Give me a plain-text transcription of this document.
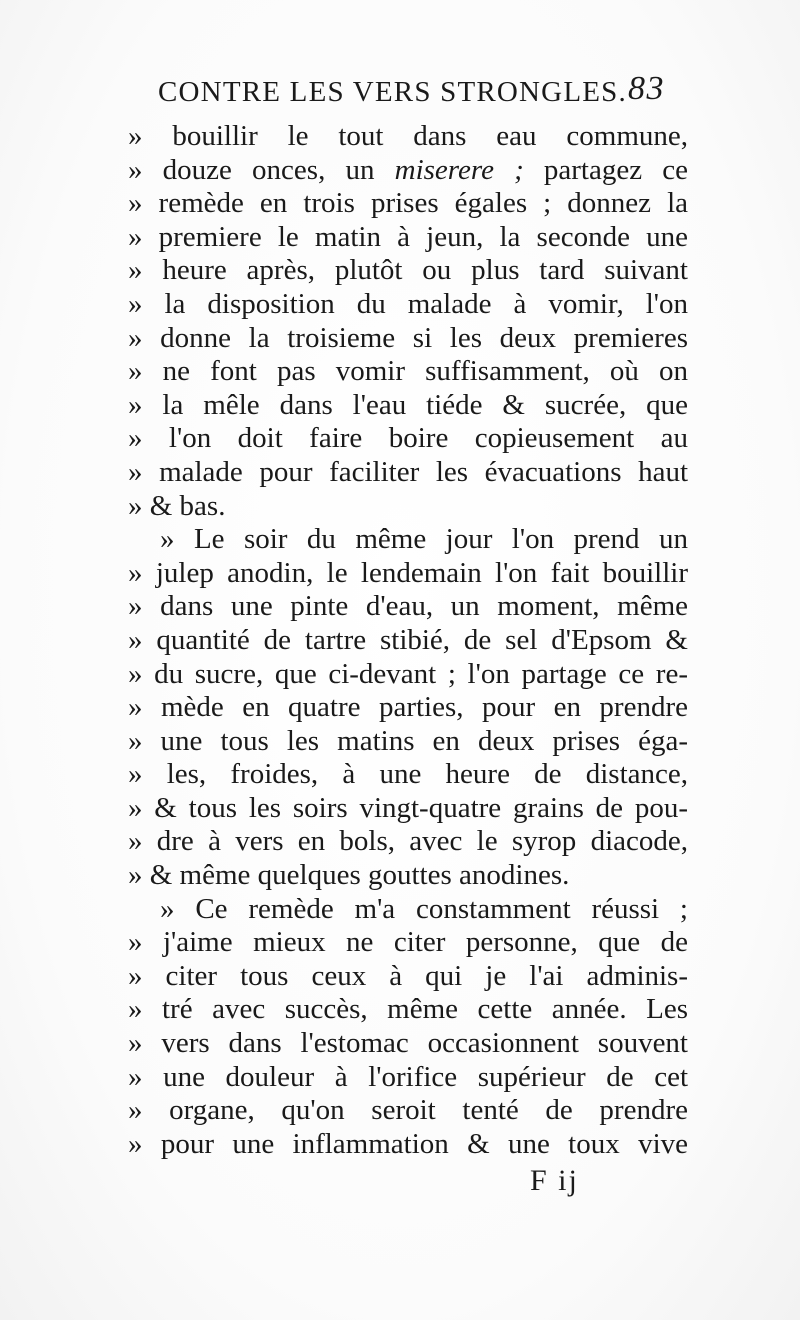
CONTRE LES VERS STRONGLES. 83
» bouillir le tout dans eau commune,
» douze onces, un miserere ; partagez ce
» remède en trois prises égales ; donnez la
» premiere le matin à jeun, la seconde une
» heure après, plutôt ou plus tard suivant
» la disposition du malade à vomir, l'on
» donne la troisieme si les deux premieres
» ne font pas vomir suffisamment, où on
» la mêle dans l'eau tiéde & sucrée, que
» l'on doit faire boire copieusement au
» malade pour faciliter les évacuations haut
» & bas.
» Le soir du même jour l'on prend un
» julep anodin, le lendemain l'on fait bouillir
» dans une pinte d'eau, un moment, même
» quantité de tartre stibié, de sel d'Epsom &
» du sucre, que ci-devant ; l'on partage ce re-
» mède en quatre parties, pour en prendre
» une tous les matins en deux prises éga-
» les, froides, à une heure de distance,
» & tous les soirs vingt-quatre grains de pou-
» dre à vers en bols, avec le syrop diacode,
» & même quelques gouttes anodines.
» Ce remède m'a constamment réussi ;
» j'aime mieux ne citer personne, que de
» citer tous ceux à qui je l'ai adminis-
» tré avec succès, même cette année. Les
» vers dans l'estomac occasionnent souvent
» une douleur à l'orifice supérieur de cet
» organe, qu'on seroit tenté de prendre
» pour une inflammation & une toux vive
F ij
